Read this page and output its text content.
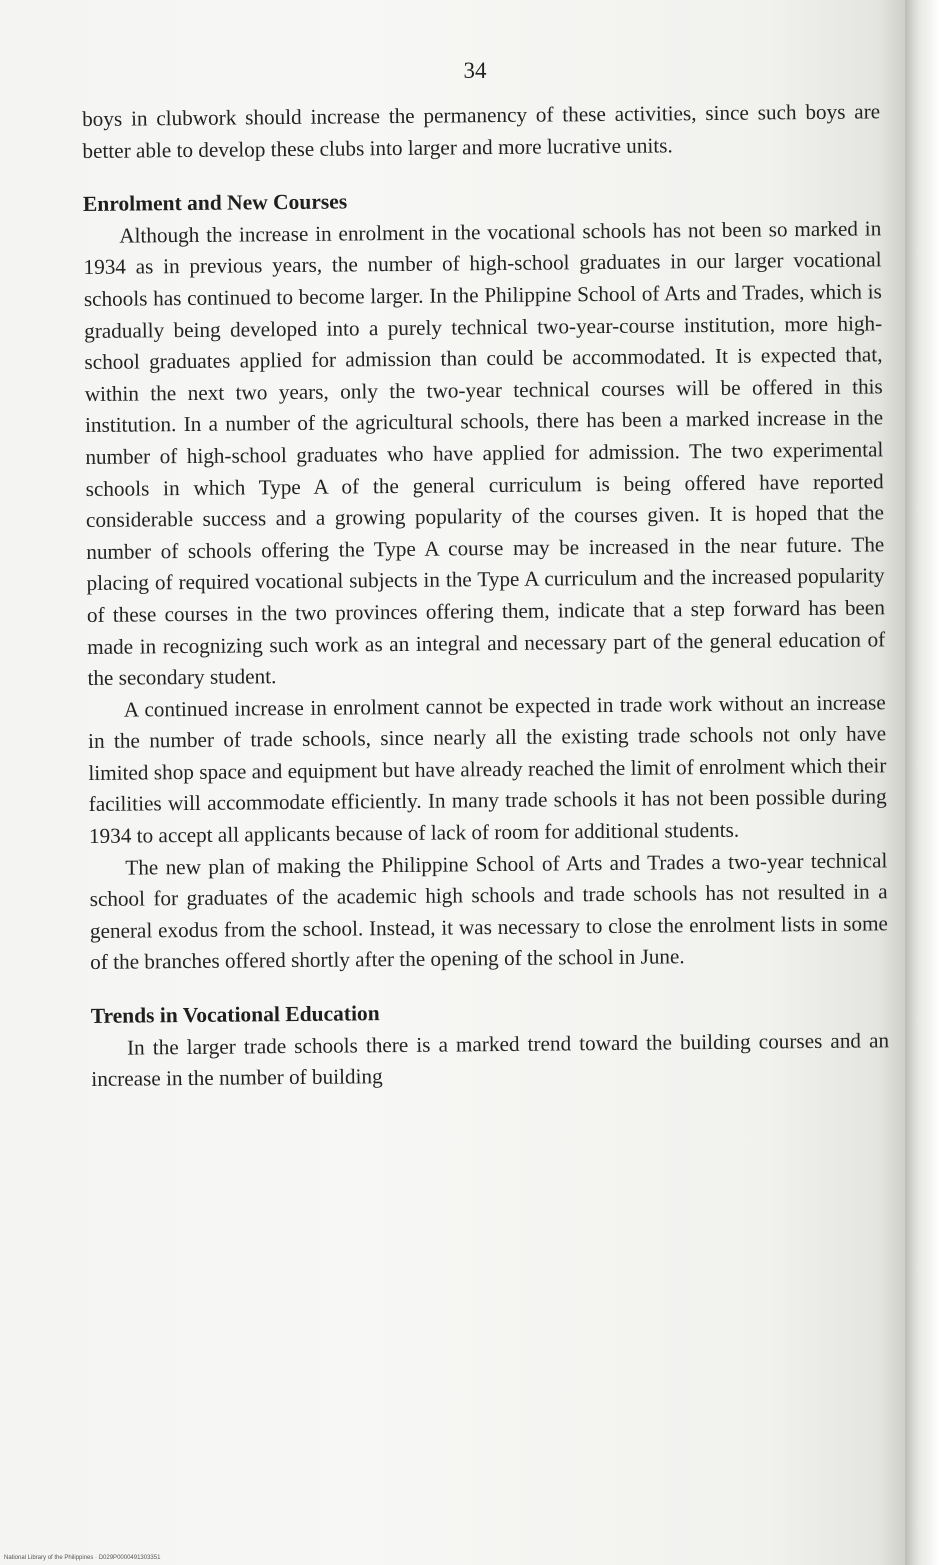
34

boys in clubwork should increase the permanency of these activities, since such boys are better able to develop these clubs into larger and more lucrative units.

Enrolment and New Courses

Although the increase in enrolment in the vocational schools has not been so marked in 1934 as in previous years, the number of high-school graduates in our larger vocational schools has continued to become larger. In the Philippine School of Arts and Trades, which is gradually being developed into a purely technical two-year-course institution, more high-school graduates applied for admission than could be accommodated. It is expected that, within the next two years, only the two-year technical courses will be offered in this institution. In a number of the agricultural schools, there has been a marked increase in the number of high-school graduates who have applied for admission. The two experimental schools in which Type A of the general curriculum is being offered have reported considerable success and a growing popularity of the courses given. It is hoped that the number of schools offering the Type A course may be increased in the near future. The placing of required vocational subjects in the Type A curriculum and the increased popularity of these courses in the two provinces offering them, indicate that a step forward has been made in recognizing such work as an integral and necessary part of the general education of the secondary student.

A continued increase in enrolment cannot be expected in trade work without an increase in the number of trade schools, since nearly all the existing trade schools not only have limited shop space and equipment but have already reached the limit of enrolment which their facilities will accommodate efficiently. In many trade schools it has not been possible during 1934 to accept all applicants because of lack of room for additional students.

The new plan of making the Philippine School of Arts and Trades a two-year technical school for graduates of the academic high schools and trade schools has not resulted in a general exodus from the school. Instead, it was necessary to close the enrolment lists in some of the branches offered shortly after the opening of the school in June.

Trends in Vocational Education

In the larger trade schools there is a marked trend toward the building courses and an increase in the number of building

National Library of the Philippines · D029P0000491303351
